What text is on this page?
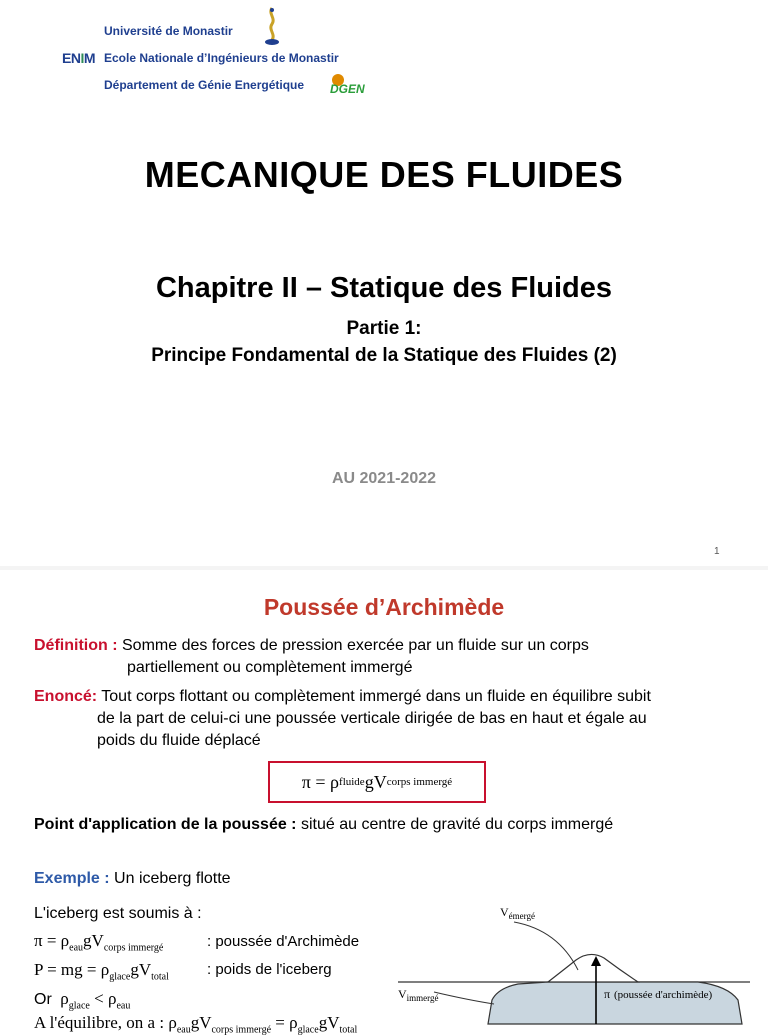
Université de Monastir
ENIM Ecole Nationale d’Ingénieurs de Monastir
Département de Génie Energétique DGEN
MECANIQUE DES FLUIDES
Chapitre II – Statique des Fluides
Partie 1:
Principe Fondamental de la Statique des Fluides (2)
AU 2021-2022
1
Poussée d’Archimède
Définition : Somme des forces de pression exercée par un fluide sur un corps
partiellement ou complètement immergé
Enoncé: Tout corps flottant ou complètement immergé dans un fluide en équilibre subit
de la part de celui-ci une poussée verticale dirigée de bas en haut et égale au
poids du fluide déplacé
π = ρ fluide gV corps immergé
Point d'application de la poussée : situé au centre de gravité du corps immergé
Exemple : Un iceberg flotte
L'iceberg est soumis à :
$\pi = \rho_{eau}gV_{corps immergé}$	: poussée d'Archimède
P = mg = $\rho_{glace}gV_{total}$	: poids de l'iceberg
Or $\rho_{glace} < \rho_{eau}$
A l'équilibre, on a : $\rho_{eau}gV_{corps immergé} = \rho_{glace}gV_{total}$
$V_{émergé}$
$V_{immergé}$	π (poussée d'archimède)
